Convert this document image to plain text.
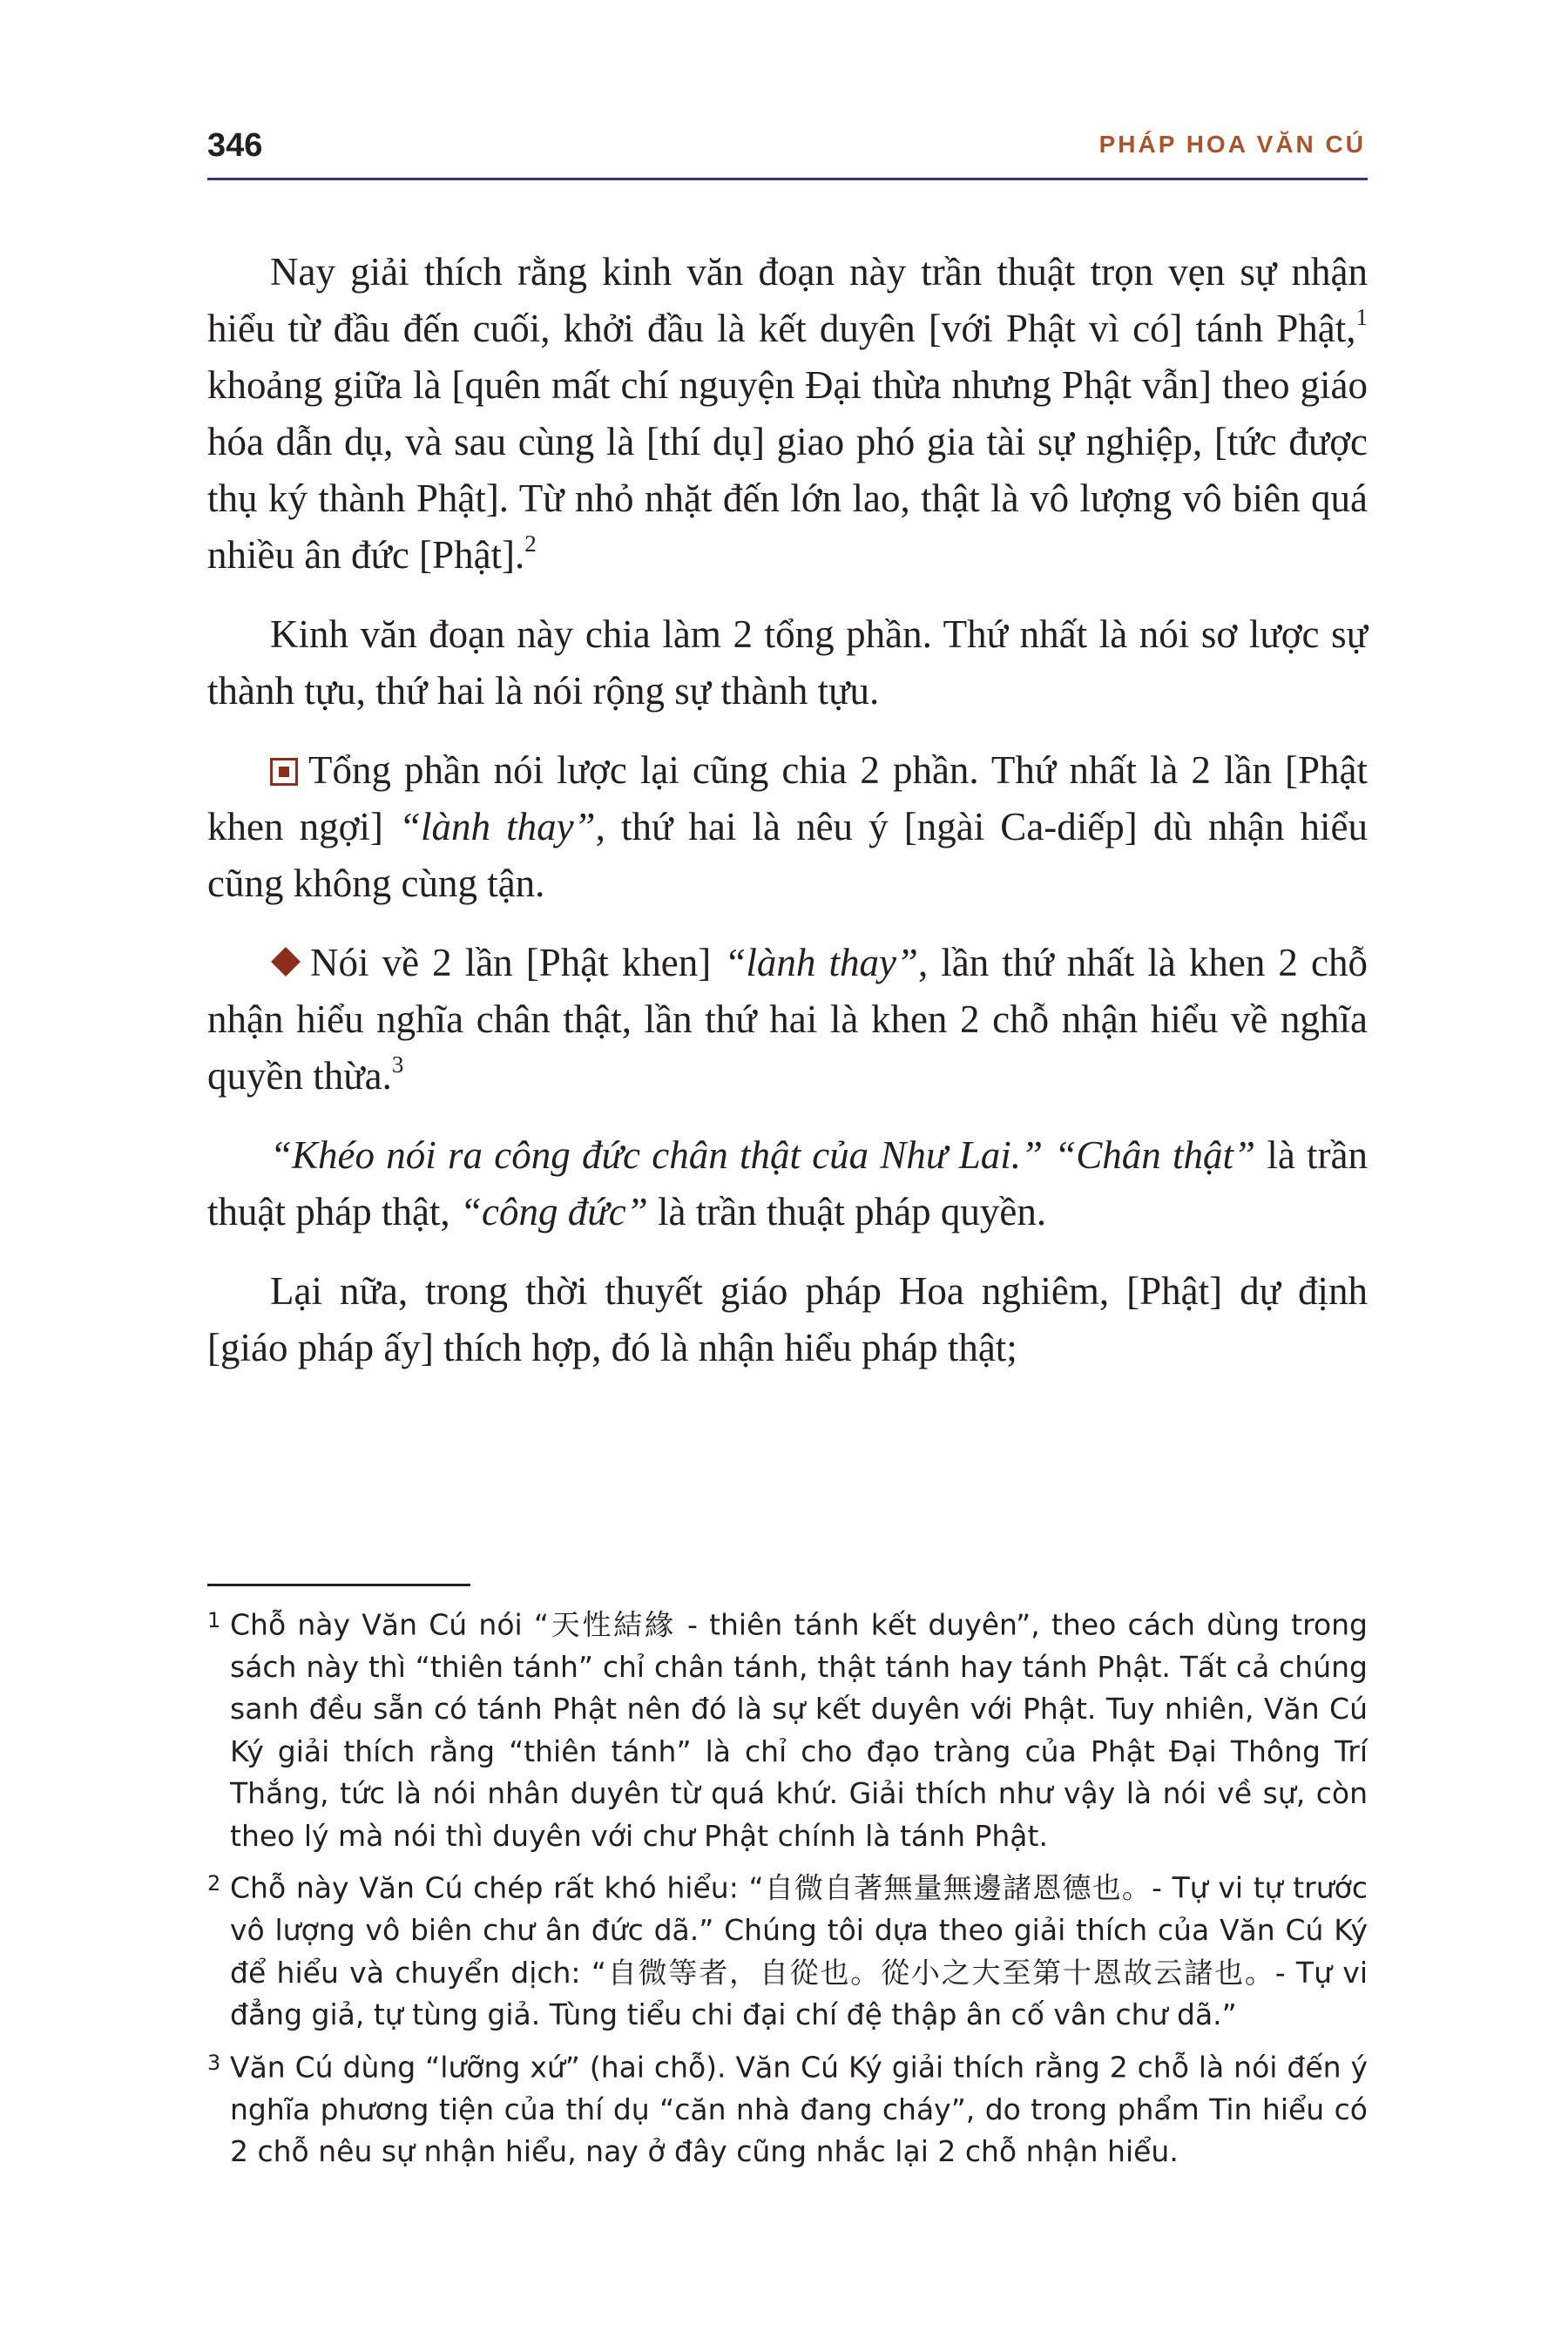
346	PHÁP HOA VĂN CÚ

Nay giải thích rằng kinh văn đoạn này trần thuật trọn vẹn sự nhận hiểu từ đầu đến cuối, khởi đầu là kết duyên [với Phật vì có] tánh Phật,$^1$ khoảng giữa là [quên mất chí nguyện Đại thừa nhưng Phật vẫn] theo giáo hóa dẫn dụ, và sau cùng là [thí dụ] giao phó gia tài sự nghiệp, [tức được thụ ký thành Phật]. Từ nhỏ nhặt đến lớn lao, thật là vô lượng vô biên quá nhiều ân đức [Phật].$^2$

Kinh văn đoạn này chia làm 2 tổng phần. Thứ nhất là nói sơ lược sự thành tựu, thứ hai là nói rộng sự thành tựu.

Tổng phần nói lược lại cũng chia 2 phần. Thứ nhất là 2 lần [Phật khen ngợi] “lành thay”, thứ hai là nêu ý [ngài Ca-diếp] dù nhận hiểu cũng không cùng tận.

Nói về 2 lần [Phật khen] “lành thay”, lần thứ nhất là khen 2 chỗ nhận hiểu nghĩa chân thật, lần thứ hai là khen 2 chỗ nhận hiểu về nghĩa quyền thừa.$^3$

“Khéo nói ra công đức chân thật của Như Lai.” “Chân thật” là trần thuật pháp thật, “công đức” là trần thuật pháp quyền.

Lại nữa, trong thời thuyết giáo pháp Hoa nghiêm, [Phật] dự định [giáo pháp ấy] thích hợp, đó là nhận hiểu pháp thật;

1 Chỗ này Văn Cú nói “天性結緣 - thiên tánh kết duyên”, theo cách dùng trong sách này thì “thiên tánh” chỉ chân tánh, thật tánh hay tánh Phật. Tất cả chúng sanh đều sẵn có tánh Phật nên đó là sự kết duyên với Phật. Tuy nhiên, Văn Cú Ký giải thích rằng “thiên tánh” là chỉ cho đạo tràng của Phật Đại Thông Trí Thắng, tức là nói nhân duyên từ quá khứ. Giải thích như vậy là nói về sự, còn theo lý mà nói thì duyên với chư Phật chính là tánh Phật.

2 Chỗ này Văn Cú chép rất khó hiểu: “自微自著無量無邊諸恩德也。- Tự vi tự trước vô lượng vô biên chư ân đức dã.” Chúng tôi dựa theo giải thích của Văn Cú Ký để hiểu và chuyển dịch: “自微等者，自從也。從小之大至第十恩故云諸也。- Tự vi đẳng giả, tự tùng giả. Tùng tiểu chi đại chí đệ thập ân cố vân chư dã.”

3 Văn Cú dùng “lưỡng xứ” (hai chỗ). Văn Cú Ký giải thích rằng 2 chỗ là nói đến ý nghĩa phương tiện của thí dụ “căn nhà đang cháy”, do trong phẩm Tin hiểu có 2 chỗ nêu sự nhận hiểu, nay ở đây cũng nhắc lại 2 chỗ nhận hiểu.
